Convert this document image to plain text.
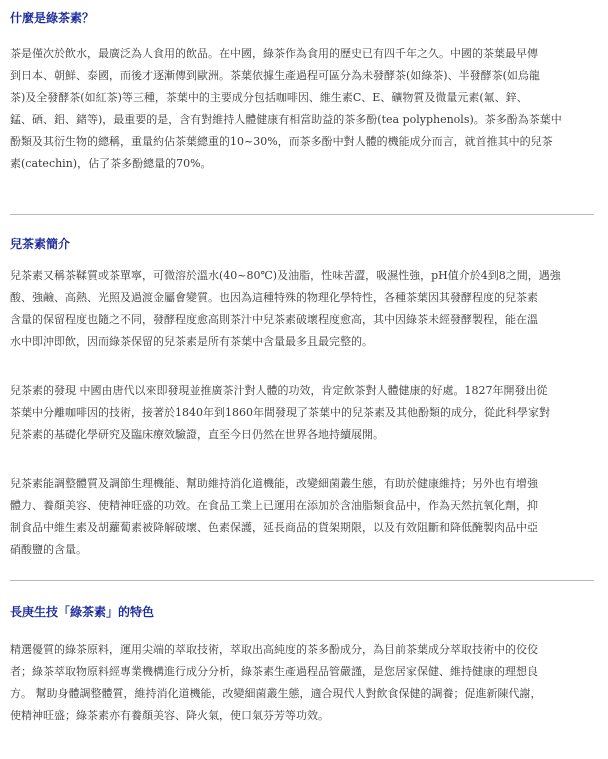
什麼是綠茶素？
茶是僅次於飲水，最廣泛為人食用的飲品。在中國，綠茶作為食用的歷史已有四千年之久。中國的茶葉最早傳
到日本、朝鮮、泰國，而後才逐漸傳到歐洲。茶葉依據生產過程可區分為未發酵茶(如綠茶)、半發酵茶(如烏龍
茶)及全發酵茶(如紅茶)等三種，茶葉中的主要成分包括咖啡因、維生素C、E、礦物質及微量元素(氟、鋅、
錳、硒、鋁、鍺等)，最重要的是，含有對維持人體健康有相當助益的茶多酚(tea polyphenols)。茶多酚為茶葉中
酚類及其衍生物的總稱，重量約佔茶葉總重的10~30%，而茶多酚中對人體的機能成分而言，就首推其中的兒茶
素(catechin)，佔了茶多酚總量的70%。
兒茶素簡介
兒茶素又稱茶鞣質或茶單寧，可微溶於溫水(40~80℃)及油脂，性味苦澀，吸濕性強，pH值介於4到8之間，遇強
酸、強鹼、高熱、光照及過渡金屬會變質。也因為這種特殊的物理化學特性，各種茶葉因其發酵程度的兒茶素
含量的保留程度也隨之不同，發酵程度愈高則茶汁中兒茶素破壞程度愈高，其中因綠茶未經發酵製程，能在溫
水中即沖即飲，因而綠茶保留的兒茶素是所有茶葉中含量最多且最完整的。
兒茶素的發現 中國由唐代以來即發現並推廣茶汁對人體的功效，肯定飲茶對人體健康的好處。1827年開發出從
茶葉中分離咖啡因的技術，接著於1840年到1860年間發現了茶葉中的兒茶素及其他酚類的成分，從此科學家對
兒茶素的基礎化學研究及臨床療效驗證，直至今日仍然在世界各地持續展開。
兒茶素能調整體質及調節生理機能、幫助維持消化道機能，改變細菌叢生態，有助於健康維持；另外也有增強
體力、養顏美容、使精神旺盛的功效。在食品工業上已運用在添加於含油脂類食品中，作為天然抗氧化劑，抑
制食品中維生素及胡蘿蔔素被降解破壞、色素保護，延長商品的貨架期限，以及有效阻斷和降低醃製肉品中亞
硝酸鹽的含量。
長庚生技「綠茶素」的特色
精選優質的綠茶原料，運用尖端的萃取技術，萃取出高純度的茶多酚成分，為目前茶葉成分萃取技術中的佼佼
者；綠茶萃取物原料經專業機構進行成分分析，綠茶素生產過程品管嚴謹，是您居家保健、維持健康的理想良
方。 幫助身體調整體質，維持消化道機能，改變細菌叢生態，適合現代人對飲食保健的調養；促進新陳代謝，
使精神旺盛；綠茶素亦有養顏美容、降火氣，使口氣芬芳等功效。
